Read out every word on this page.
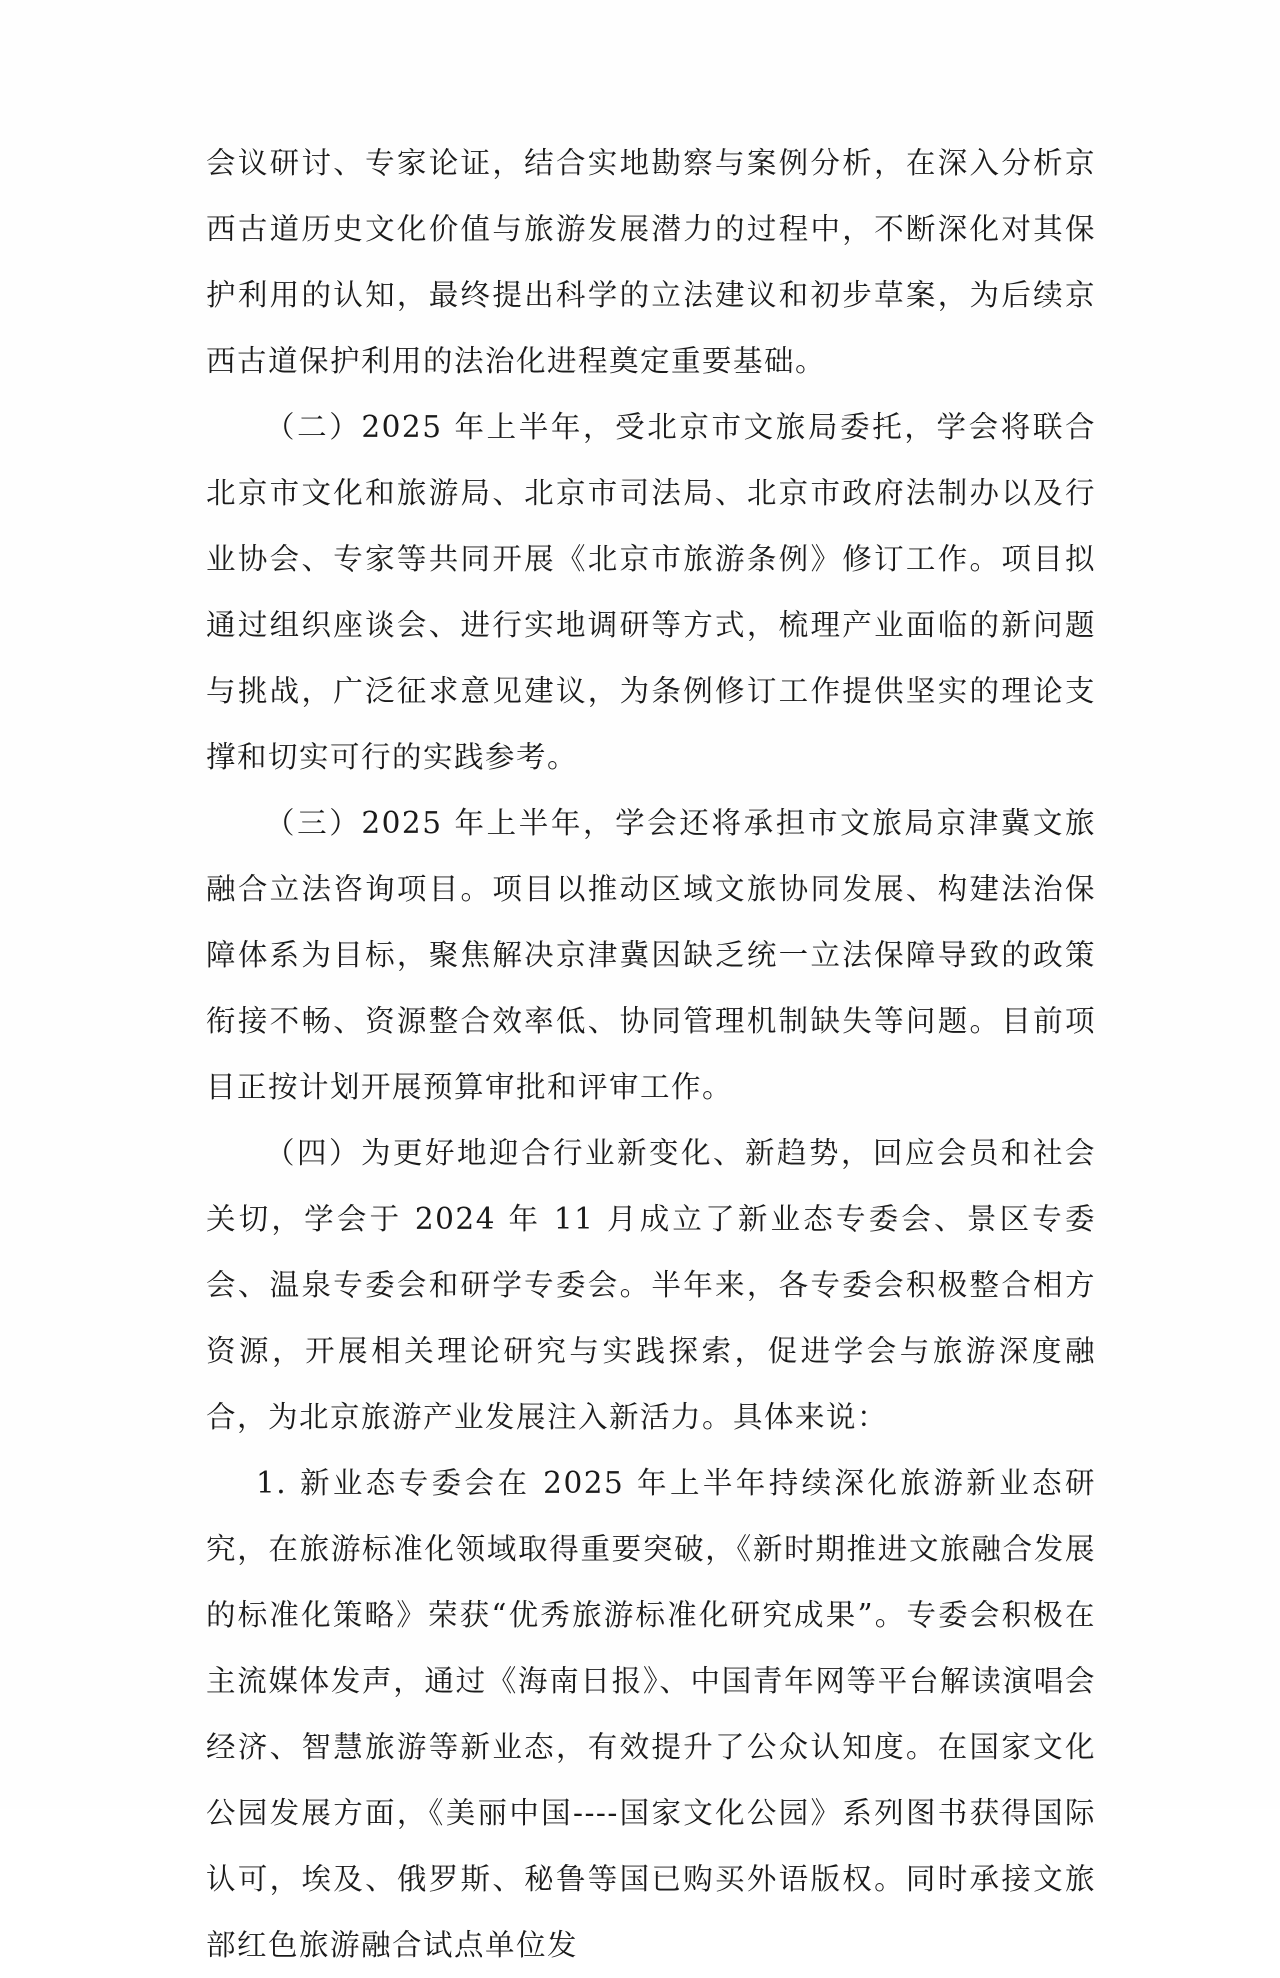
会议研讨、专家论证，结合实地勘察与案例分析，在深入分析京西古道历史文化价值与旅游发展潜力的过程中，不断深化对其保护利用的认知，最终提出科学的立法建议和初步草案，为后续京西古道保护利用的法治化进程奠定重要基础。

（二）2025 年上半年，受北京市文旅局委托，学会将联合北京市文化和旅游局、北京市司法局、北京市政府法制办以及行业协会、专家等共同开展《北京市旅游条例》修订工作。项目拟通过组织座谈会、进行实地调研等方式，梳理产业面临的新问题与挑战，广泛征求意见建议，为条例修订工作提供坚实的理论支撑和切实可行的实践参考。

（三）2025 年上半年，学会还将承担市文旅局京津冀文旅融合立法咨询项目。项目以推动区域文旅协同发展、构建法治保障体系为目标，聚焦解决京津冀因缺乏统一立法保障导致的政策衔接不畅、资源整合效率低、协同管理机制缺失等问题。目前项目正按计划开展预算审批和评审工作。

（四）为更好地迎合行业新变化、新趋势，回应会员和社会关切，学会于 2024 年 11 月成立了新业态专委会、景区专委会、温泉专委会和研学专委会。半年来，各专委会积极整合相方资源，开展相关理论研究与实践探索，促进学会与旅游深度融合，为北京旅游产业发展注入新活力。具体来说：

1. 新业态专委会在 2025 年上半年持续深化旅游新业态研究，在旅游标准化领域取得重要突破，《新时期推进文旅融合发展的标准化策略》荣获“优秀旅游标准化研究成果”。专委会积极在主流媒体发声，通过《海南日报》、中国青年网等平台解读演唱会经济、智慧旅游等新业态，有效提升了公众认知度。在国家文化公园发展方面，《美丽中国----国家文化公园》系列图书获得国际认可，埃及、俄罗斯、秘鲁等国已购买外语版权。同时承接文旅部红色旅游融合试点单位发
